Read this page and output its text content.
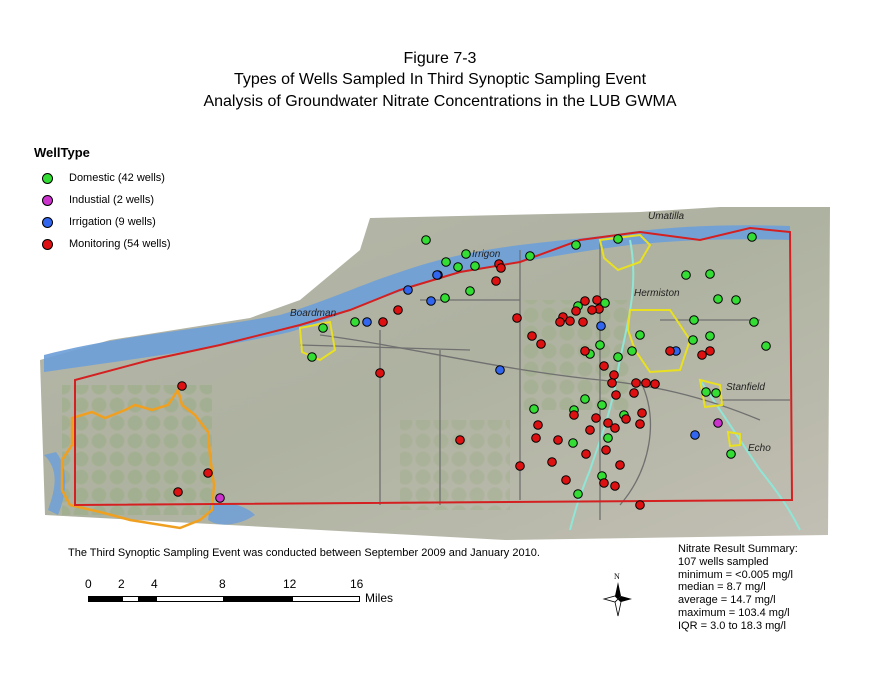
Umatilla
Irrigon
Boardman
Hermiston
Stanfield
Echo
Figure 7-3
Types of Wells Sampled In Third Synoptic Sampling Event
Analysis of Groundwater Nitrate Concentrations in the LUB GWMA
WellType
Domestic (42 wells)
Industial (2 wells)
Irrigation (9 wells)
Monitoring (54 wells)
The Third Synoptic Sampling Event was conducted between September 2009 and January 2010.	Nitrate Result Summary:
107 wells sampled
minimum = <0.005 mg/l
median = 8.7 mg/l
average = 14.7 mg/l
maximum = 103.4 mg/l
IQR = 3.0 to 18.3 mg/l
0 2 4	8	12	16
Miles
N
